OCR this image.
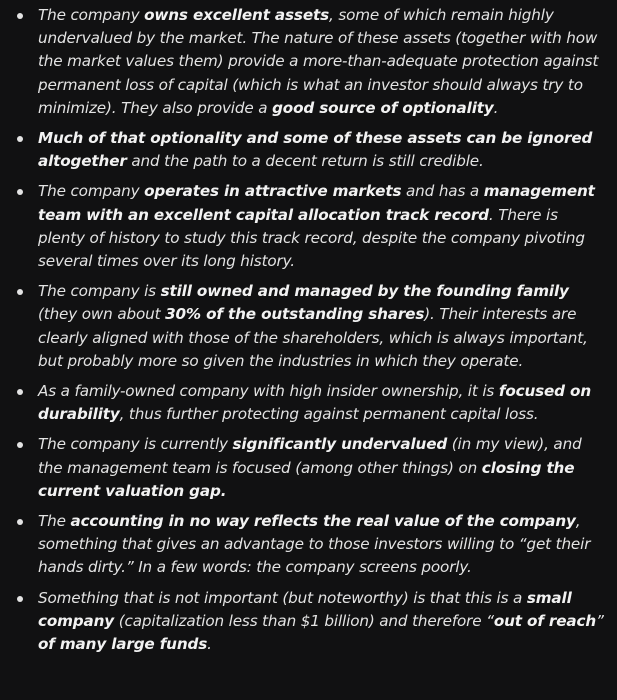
The company owns excellent assets, some of which remain highly undervalued by the market. The nature of these assets (together with how the market values them) provide a more-than-adequate protection against permanent loss of capital (which is what an investor should always try to minimize). They also provide a good source of optionality.
Much of that optionality and some of these assets can be ignored altogether and the path to a decent return is still credible.
The company operates in attractive markets and has a management team with an excellent capital allocation track record. There is plenty of history to study this track record, despite the company pivoting several times over its long history.
The company is still owned and managed by the founding family (they own about 30% of the outstanding shares). Their interests are clearly aligned with those of the shareholders, which is always important, but probably more so given the industries in which they operate.
As a family-owned company with high insider ownership, it is focused on durability, thus further protecting against permanent capital loss.
The company is currently significantly undervalued (in my view), and the management team is focused (among other things) on closing the current valuation gap.
The accounting in no way reflects the real value of the company, something that gives an advantage to those investors willing to “get their hands dirty.” In a few words: the company screens poorly.
Something that is not important (but noteworthy) is that this is a small company (capitalization less than $1 billion) and therefore “out of reach” of many large funds.
